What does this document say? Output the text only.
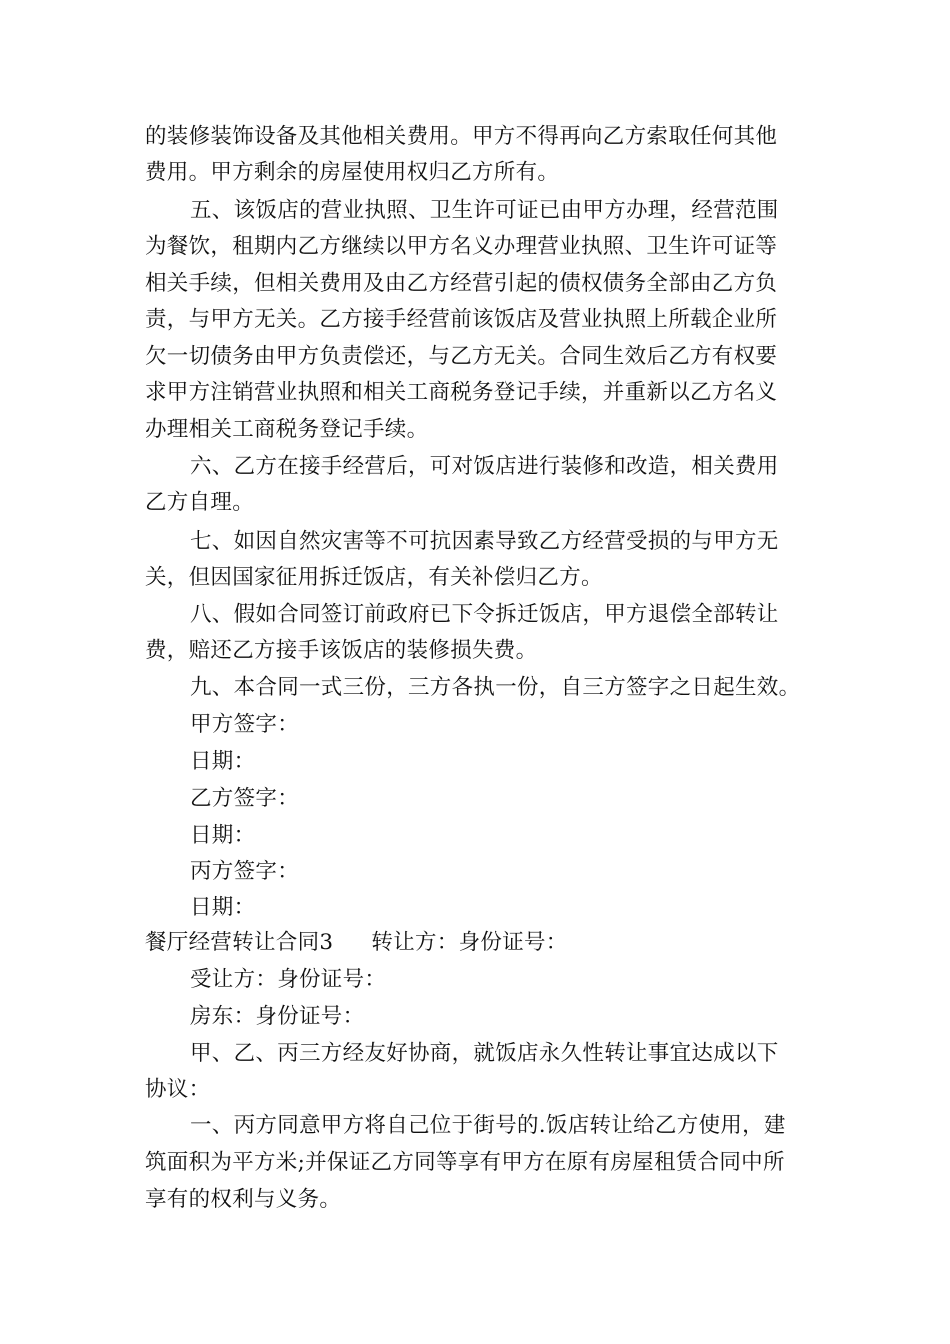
的装修装饰设备及其他相关费用。甲方不得再向乙方索取任何其他
费用。甲方剩余的房屋使用权归乙方所有。
五、该饭店的营业执照、卫生许可证已由甲方办理，经营范围
为餐饮，租期内乙方继续以甲方名义办理营业执照、卫生许可证等
相关手续，但相关费用及由乙方经营引起的债权债务全部由乙方负
责，与甲方无关。乙方接手经营前该饭店及营业执照上所载企业所
欠一切债务由甲方负责偿还，与乙方无关。合同生效后乙方有权要
求甲方注销营业执照和相关工商税务登记手续，并重新以乙方名义
办理相关工商税务登记手续。
六、乙方在接手经营后，可对饭店进行装修和改造，相关费用
乙方自理。
七、如因自然灾害等不可抗因素导致乙方经营受损的与甲方无
关，但因国家征用拆迁饭店，有关补偿归乙方。
八、假如合同签订前政府已下令拆迁饭店，甲方退偿全部转让
费，赔还乙方接手该饭店的装修损失费。
九、本合同一式三份，三方各执一份，自三方签字之日起生效。
甲方签字：
日期：
乙方签字：
日期：
丙方签字：
日期：
餐厅经营转让合同3 转让方：身份证号：
受让方：身份证号：
房东：身份证号：
甲、乙、丙三方经友好协商，就饭店永久性转让事宜达成以下
协议：
一、丙方同意甲方将自己位于街号的.饭店转让给乙方使用，建
筑面积为平方米;并保证乙方同等享有甲方在原有房屋租赁合同中所
享有的权利与义务。
